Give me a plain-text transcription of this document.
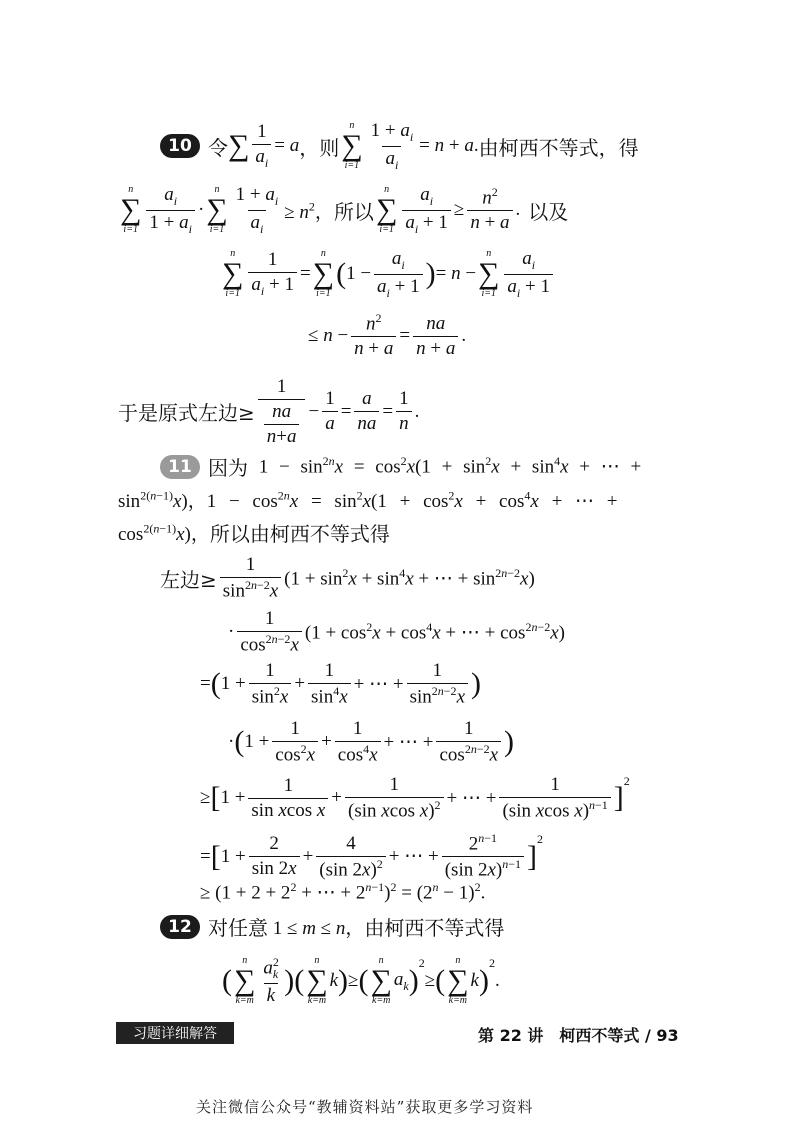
10 令 ∑ $\frac{1}{a_i} = a$ ，则
n
∑
$i=1 \frac{1 + a_i}{a_i} = n + a$. 由柯西不等式，得
n
∑
$i=1 \frac{a_i}{1 + a_i}$ ·
n
∑
$i=1 \frac{1 + a_i}{a_i} \ge n^2$， 所以
n
∑
$i=1 \frac{a_i}{a_i + 1} \ge \frac{n^2}{n + a}$ . 以及
n
∑
$i=1 \frac{1}{a_i + 1}$ =
n
∑
i=1
( $1 - \frac{a_i}{a_i + 1}$ ) = n −
n
∑
$i=1 \frac{a_i}{a_i + 1}$
≤ $n - \frac{n^2}{n + a} = \frac{na}{n + a}$ .
于是原式左边≥ $\frac{1}{\frac{na}{n+a}} - \frac{1}{a} = \frac{a}{na} = \frac{1}{n}$ .
11 因为 $1 - \sin^{2n}x = \cos^2x(1 + \sin^2x + \sin^4x$ + ⋯ +
$\sin^{2(n-1)}x$)，$1 - \cos^{2n}x = \sin^2x(1 + \cos^2x + \cos^4x$ + ⋯ +
$\cos^{2(n-1)}x$)， 所以由柯西不等式得
左边≥ $\frac{1}{\sin^{2n-2}x} (1 + \sin^2x + \sin^4x$ + ⋯ + $\sin^{2n-2}x$)
· $\frac{1}{\cos^{2n-2}x} (1 + \cos^2x + \cos^4x$ + ⋯ + $\cos^{2n-2}x$)
= ( $1 + \frac{1}{\sin^2x} + \frac{1}{\sin^4x}$ + ⋯ + $\frac{1}{\sin^{2n-2}x}$ )
· ( $1 + \frac{1}{\cos^2x} + \frac{1}{\cos^4x}$ + ⋯ + $\frac{1}{\cos^{2n-2}x}$ )
≥ [ $1 + \frac{1}{\text{sin xcos x}} + \frac{1}{(\sin xcos x)^2}$ + ⋯ + $\frac{1}{(\sin xcos x)^{n-1}} ]^2$
= [ $1 + \frac{2}{\sin 2x} + \frac{4}{(\sin 2x)^2}$ + ⋯ + $\frac{2^{n-1}}{(\sin 2x)^{n-1}}$ ]
$^2$
≥ ($1 + 2 + 2^2$ + ⋯ + $2^{n-1})^2 = (2^n - 1)^2$.
12 对任意 1 ≤ m ≤ n， 由柯西不等式得
(
n
∑
$k=m \frac{a^2_k}{k}$ ) (
n
∑
k=m
k ) ≥ (
n
∑
k=m
$a_k$ )
$^2$
≥ (
n
∑
k=m
k )
$^2$
.
习题详细解答	第 22 讲　柯西不等式 / 93
关注微信公众号“教辅资料站”获取更多学习资料
